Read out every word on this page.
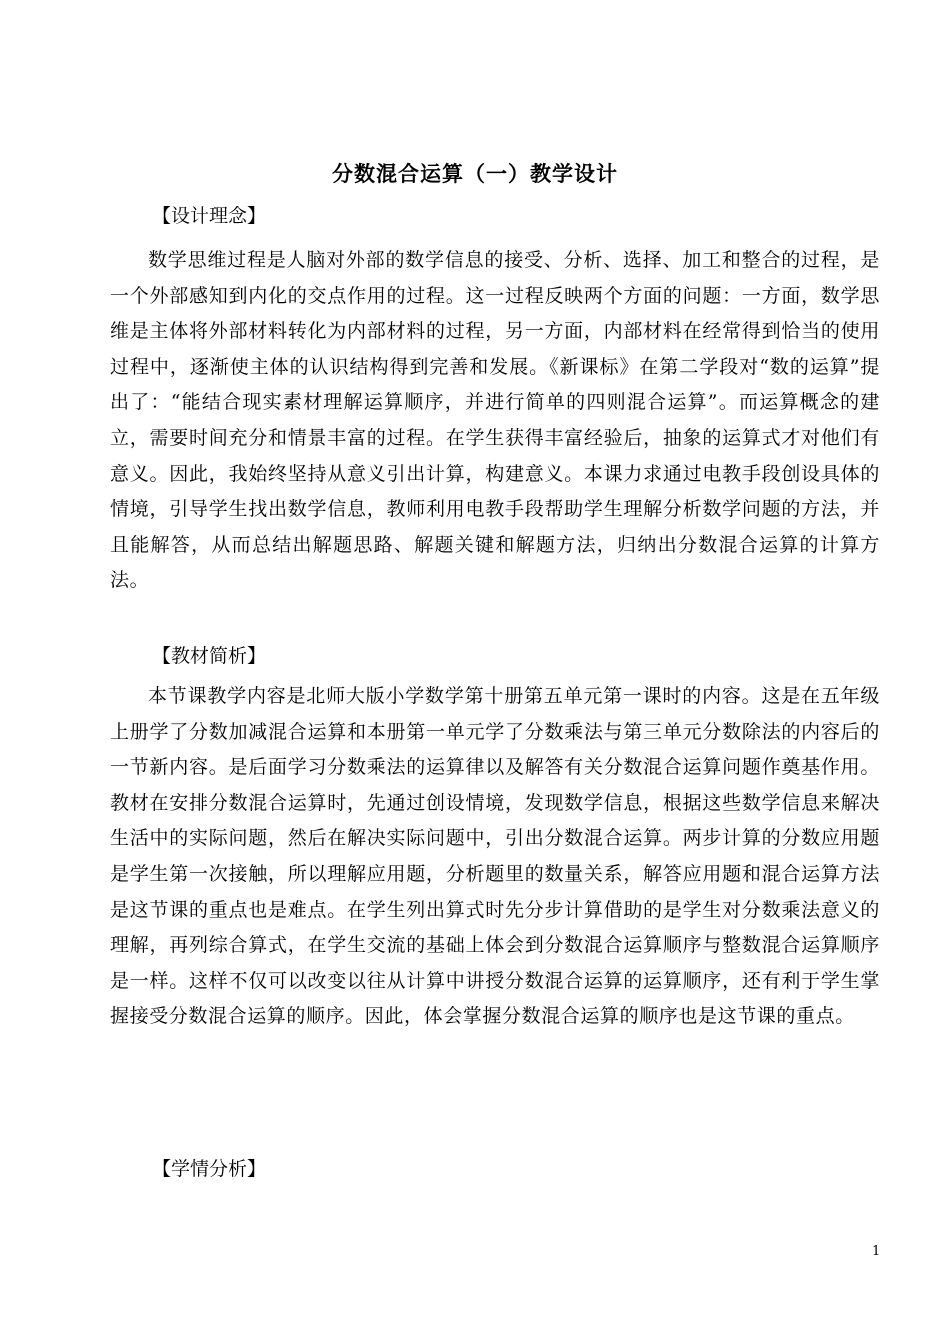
分数混合运算（一）教学设计
【设计理念】
数学思维过程是人脑对外部的数学信息的接受、分析、选择、加工和整合的过程，是一个外部感知到内化的交点作用的过程。这一过程反映两个方面的问题：一方面，数学思维是主体将外部材料转化为内部材料的过程，另一方面，内部材料在经常得到恰当的使用过程中，逐渐使主体的认识结构得到完善和发展。《新课标》在第二学段对“数的运算”提出了：“能结合现实素材理解运算顺序，并进行简单的四则混合运算”。而运算概念的建立，需要时间充分和情景丰富的过程。在学生获得丰富经验后，抽象的运算式才对他们有意义。因此，我始终坚持从意义引出计算，构建意义。本课力求通过电教手段创设具体的情境，引导学生找出数学信息，教师利用电教手段帮助学生理解分析数学问题的方法，并且能解答，从而总结出解题思路、解题关键和解题方法，归纳出分数混合运算的计算方法。
【教材简析】
本节课教学内容是北师大版小学数学第十册第五单元第一课时的内容。这是在五年级上册学了分数加减混合运算和本册第一单元学了分数乘法与第三单元分数除法的内容后的一节新内容。是后面学习分数乘法的运算律以及解答有关分数混合运算问题作奠基作用。教材在安排分数混合运算时，先通过创设情境，发现数学信息，根据这些数学信息来解决生活中的实际问题，然后在解决实际问题中，引出分数混合运算。两步计算的分数应用题是学生第一次接触，所以理解应用题，分析题里的数量关系，解答应用题和混合运算方法是这节课的重点也是难点。在学生列出算式时先分步计算借助的是学生对分数乘法意义的理解，再列综合算式，在学生交流的基础上体会到分数混合运算顺序与整数混合运算顺序是一样。这样不仅可以改变以往从计算中讲授分数混合运算的运算顺序，还有利于学生掌握接受分数混合运算的顺序。因此，体会掌握分数混合运算的顺序也是这节课的重点。
【学情分析】
1
